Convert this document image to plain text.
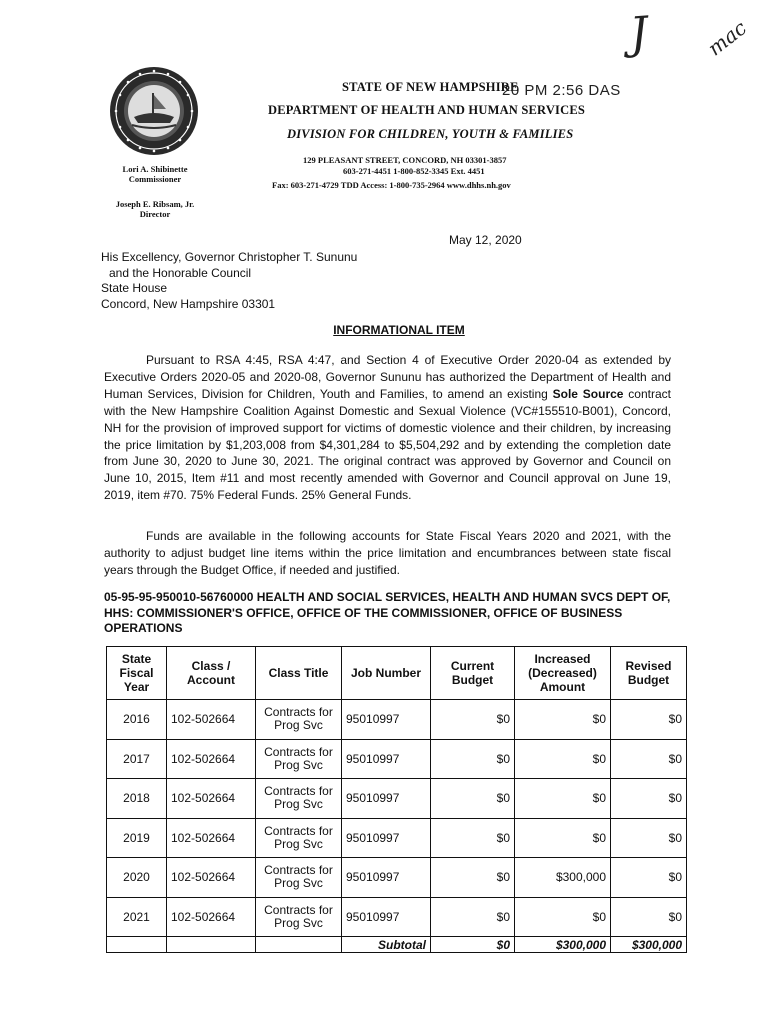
J	mac
STATE OF NEW HAMPSHIRE
20 PM 2:56 DAS
DEPARTMENT OF HEALTH AND HUMAN SERVICES
DIVISION FOR CHILDREN, YOUTH & FAMILIES
129 PLEASANT STREET, CONCORD, NH 03301-3857
603-271-4451 1-800-852-3345 Ext. 4451
Fax: 603-271-4729 TDD Access: 1-800-735-2964 www.dhhs.nh.gov
Lori A. Shibinette
Commissioner
Joseph E. Ribsam, Jr.
Director
May 12, 2020
His Excellency, Governor Christopher T. Sununu
and the Honorable Council
State House
Concord, New Hampshire 03301
INFORMATIONAL ITEM
Pursuant to RSA 4:45, RSA 4:47, and Section 4 of Executive Order 2020-04 as extended by Executive Orders 2020-05 and 2020-08, Governor Sununu has authorized the Department of Health and Human Services, Division for Children, Youth and Families, to amend an existing Sole Source contract with the New Hampshire Coalition Against Domestic and Sexual Violence (VC#155510-B001), Concord, NH for the provision of improved support for victims of domestic violence and their children, by increasing the price limitation by $1,203,008 from $4,301,284 to $5,504,292 and by extending the completion date from June 30, 2020 to June 30, 2021. The original contract was approved by Governor and Council on June 10, 2015, Item #11 and most recently amended with Governor and Council approval on June 19, 2019, item #70. 75% Federal Funds. 25% General Funds.
Funds are available in the following accounts for State Fiscal Years 2020 and 2021, with the authority to adjust budget line items within the price limitation and encumbrances between state fiscal years through the Budget Office, if needed and justified.
05-95-95-950010-56760000 HEALTH AND SOCIAL SERVICES, HEALTH AND HUMAN SVCS DEPT OF, HHS: COMMISSIONER'S OFFICE, OFFICE OF THE COMMISSIONER, OFFICE OF BUSINESS OPERATIONS
State Fiscal Year	Class / Account	Class Title	Job Number	Current Budget	Increased (Decreased) Amount	Revised Budget
2016	102-502664	Contracts for Prog Svc	95010997	$0	$0	$0
2017	102-502664	Contracts for Prog Svc	95010997	$0	$0	$0
2018	102-502664	Contracts for Prog Svc	95010997	$0	$0	$0
2019	102-502664	Contracts for Prog Svc	95010997	$0	$0	$0
2020	102-502664	Contracts for Prog Svc	95010997	$0	$300,000	$0
2021	102-502664	Contracts for Prog Svc	95010997	$0	$0	$0
			Subtotal	$0	$300,000	$300,000
